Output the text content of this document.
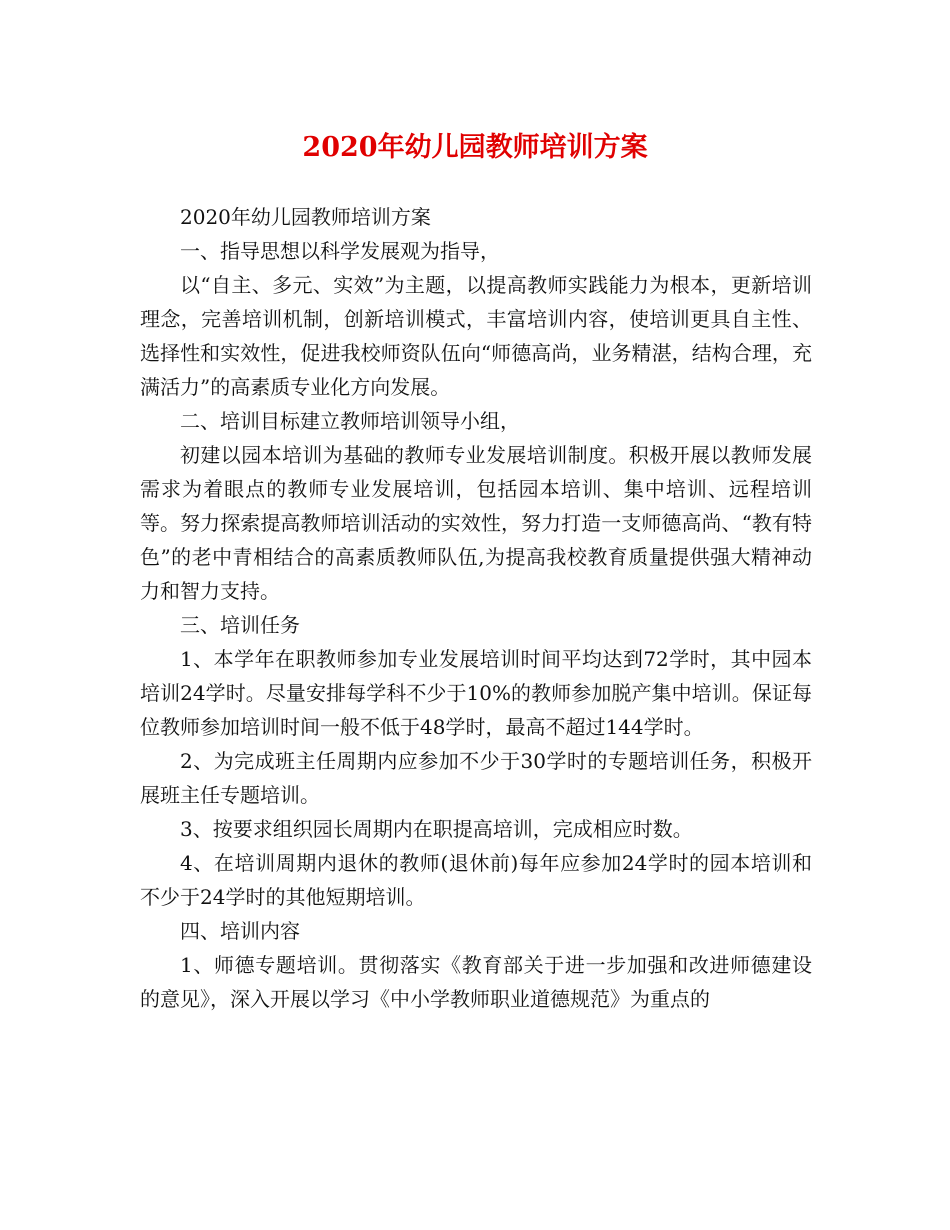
2020年幼儿园教师培训方案

2020年幼儿园教师培训方案

一、指导思想以科学发展观为指导，

以“自主、多元、实效”为主题，以提高教师实践能力为根本，更新培训理念，完善培训机制，创新培训模式，丰富培训内容，使培训更具自主性、选择性和实效性，促进我校师资队伍向“师德高尚，业务精湛，结构合理，充满活力”的高素质专业化方向发展。

二、培训目标建立教师培训领导小组，

初建以园本培训为基础的教师专业发展培训制度。积极开展以教师发展需求为着眼点的教师专业发展培训，包括园本培训、集中培训、远程培训等。努力探索提高教师培训活动的实效性，努力打造一支师德高尚、“教有特色”的老中青相结合的高素质教师队伍,为提高我校教育质量提供强大精神动力和智力支持。

三、培训任务

1、本学年在职教师参加专业发展培训时间平均达到72学时，其中园本培训24学时。尽量安排每学科不少于10%的教师参加脱产集中培训。保证每位教师参加培训时间一般不低于48学时，最高不超过144学时。

2、为完成班主任周期内应参加不少于30学时的专题培训任务，积极开展班主任专题培训。

3、按要求组织园长周期内在职提高培训，完成相应时数。

4、在培训周期内退休的教师(退休前)每年应参加24学时的园本培训和不少于24学时的其他短期培训。

四、培训内容

1、师德专题培训。贯彻落实《教育部关于进一步加强和改进师德建设的意见》，深入开展以学习《中小学教师职业道德规范》为重点的
